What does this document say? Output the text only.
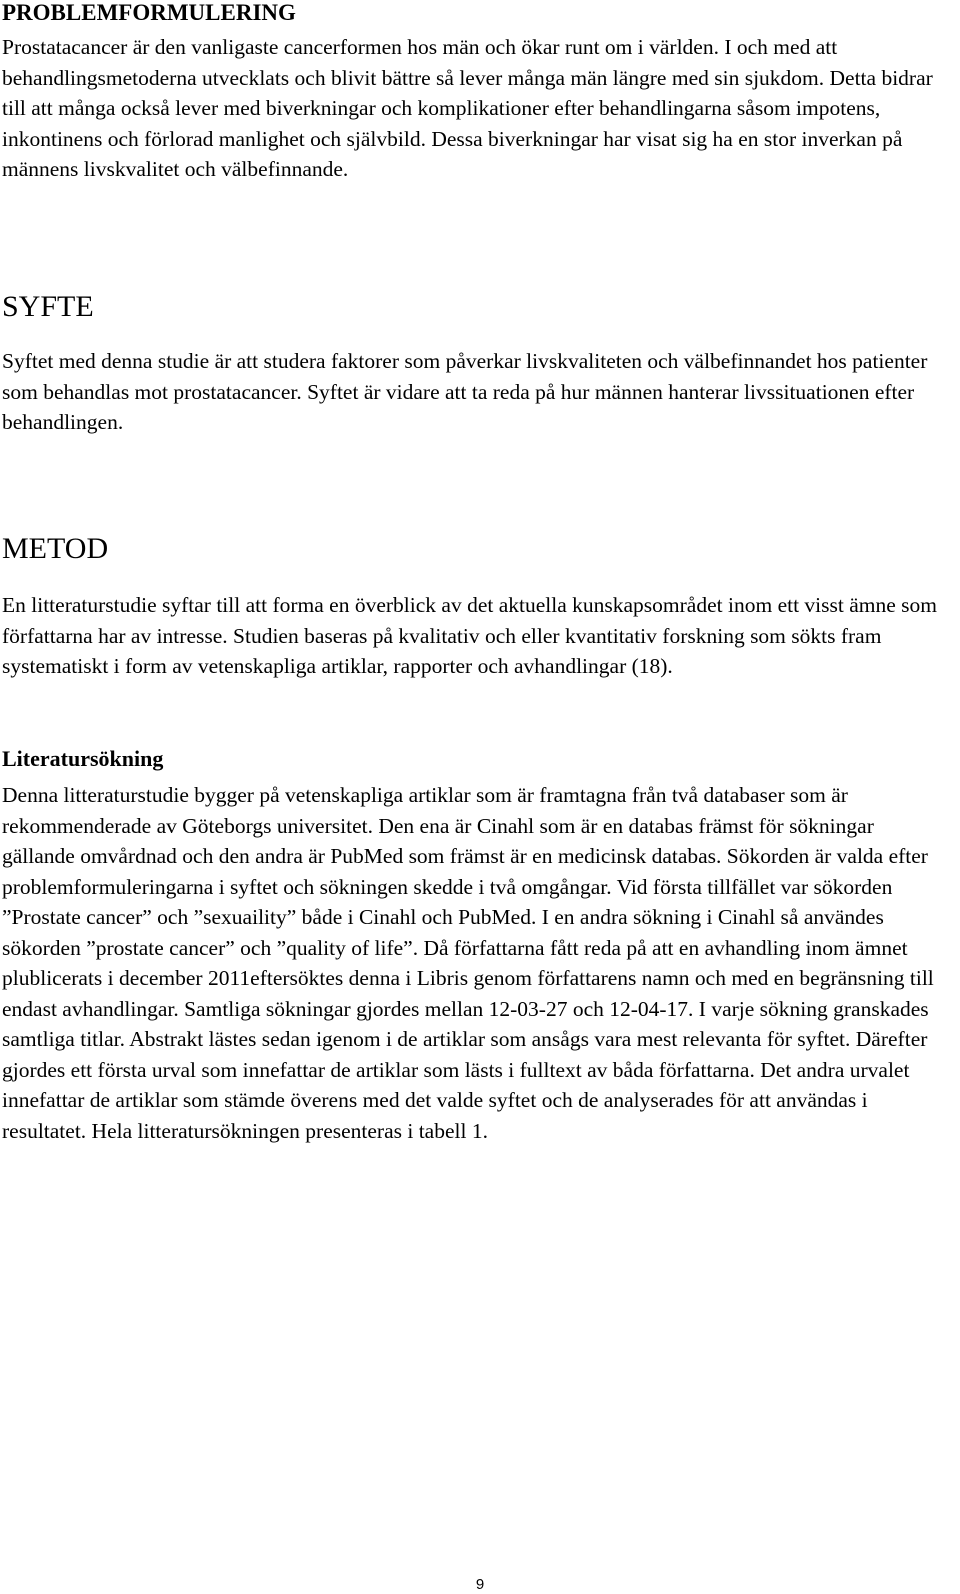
PROBLEMFORMULERING

Prostatacancer är den vanligaste cancerformen hos män och ökar runt om i världen. I och med att behandlingsmetoderna utvecklats och blivit bättre så lever många män längre med sin sjukdom. Detta bidrar till att många också lever med biverkningar och komplikationer efter behandlingarna såsom impotens, inkontinens och förlorad manlighet och självbild. Dessa biverkningar har visat sig ha en stor inverkan på männens livskvalitet och välbefinnande.

SYFTE

Syftet med denna studie är att studera faktorer som påverkar livskvaliteten och välbefinnandet hos patienter som behandlas mot prostatacancer. Syftet är vidare att ta reda på hur männen hanterar livssituationen efter behandlingen.

METOD

En litteraturstudie syftar till att forma en överblick av det aktuella kunskapsområdet inom ett visst ämne som författarna har av intresse. Studien baseras på kvalitativ och eller kvantitativ forskning som sökts fram systematiskt i form av vetenskapliga artiklar, rapporter och avhandlingar (18).

Literatursökning

Denna litteraturstudie bygger på vetenskapliga artiklar som är framtagna från två databaser som är rekommenderade av Göteborgs universitet. Den ena är Cinahl som är en databas främst för sökningar gällande omvårdnad och den andra är PubMed som främst är en medicinsk databas. Sökorden är valda efter problemformuleringarna i syftet och sökningen skedde i två omgångar. Vid första tillfället var sökorden ”Prostate cancer” och ”sexuaility” både i Cinahl och PubMed. I en andra sökning i Cinahl så användes sökorden ”prostate cancer” och ”quality of life”. Då författarna fått reda på att en avhandling inom ämnet plublicerats i december 2011eftersöktes denna i Libris genom författarens namn och med en begränsning till endast avhandlingar. Samtliga sökningar gjordes mellan 12-03-27 och 12-04-17. I varje sökning granskades samtliga titlar. Abstrakt lästes sedan igenom i de artiklar som ansågs vara mest relevanta för syftet. Därefter gjordes ett första urval som innefattar de artiklar som lästs i fulltext av båda författarna. Det andra urvalet innefattar de artiklar som stämde överens med det valde syftet och de analyserades för att användas i resultatet. Hela litteratursökningen presenteras i tabell 1.

9
